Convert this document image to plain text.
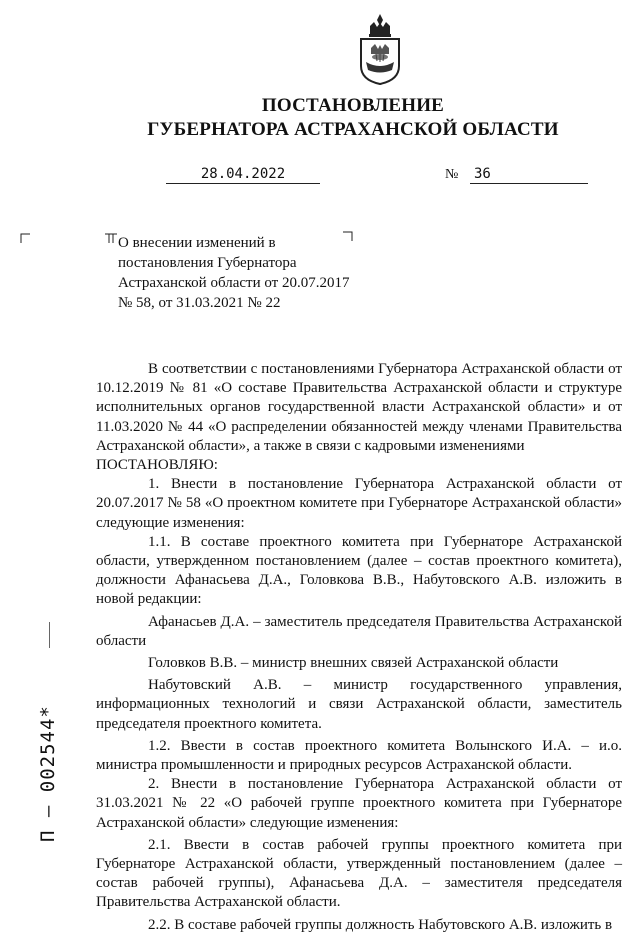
ПОСТАНОВЛЕНИЕ
ГУБЕРНАТОРА АСТРАХАНСКОЙ ОБЛАСТИ
28.04.2022	№ 36
О внесении изменений в постановления Губернатора Астраханской области от 20.07.2017 № 58, от 31.03.2021 № 22

В соответствии с постановлениями Губернатора Астраханской области от 10.12.2019 № 81 «О составе Правительства Астраханской области и структуре исполнительных органов государственной власти Астраханской области» и от 11.03.2020 № 44 «О распределении обязанностей между членами Правительства Астраханской области», а также в связи с кадровыми изменениями

ПОСТАНОВЛЯЮ:

1. Внести в постановление Губернатора Астраханской области от 20.07.2017 № 58 «О проектном комитете при Губернаторе Астраханской области» следующие изменения:

1.1. В составе проектного комитета при Губернаторе Астраханской области, утвержденном постановлением (далее – состав проектного комитета), должности Афанасьева Д.А., Головкова В.В., Набутовского А.В. изложить в новой редакции:

Афанасьев Д.А. – заместитель председателя Правительства Астраханской области

Головков В.В. – министр внешних связей Астраханской области

Набутовский А.В. – министр государственного управления, информационных технологий и связи Астраханской области, заместитель председателя проектного комитета.

1.2. Ввести в состав проектного комитета Волынского И.А. – и.о. министра промышленности и природных ресурсов Астраханской области.

2. Внести в постановление Губернатора Астраханской области от 31.03.2021 № 22 «О рабочей группе проектного комитета при Губернаторе Астраханской области» следующие изменения:

2.1. Ввести в состав рабочей группы проектного комитета при Губернаторе Астраханской области, утвержденный постановлением (далее – состав рабочей группы), Афанасьева Д.А. – заместителя председателя Правительства Астраханской области.

2.2. В составе рабочей группы должность Набутовского А.В. изложить в

П – 002544*
